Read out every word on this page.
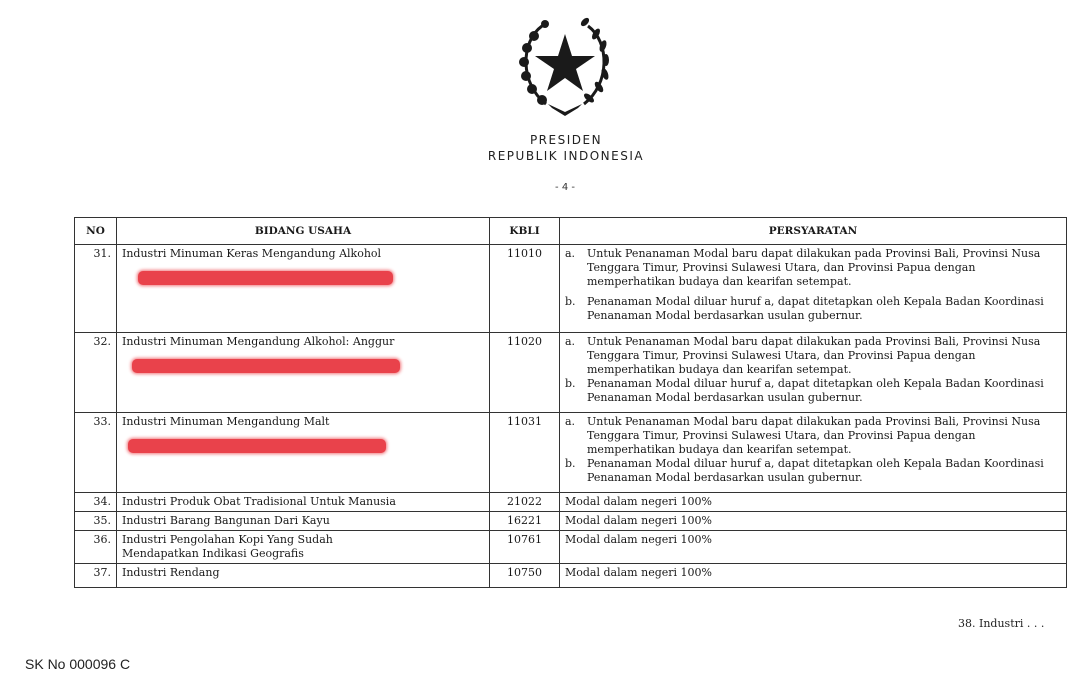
PRESIDEN
REPUBLIK INDONESIA
- 4 -
NO	BIDANG USAHA	KBLI	PERSYARATAN
31.	Industri Minuman Keras Mengandung Alkohol	11010	a. Untuk Penanaman Modal baru dapat dilakukan pada Provinsi Bali, Provinsi Nusa Tenggara Timur, Provinsi Sulawesi Utara, dan Provinsi Papua dengan memperhatikan budaya dan kearifan setempat.
b. Penanaman Modal diluar huruf a, dapat ditetapkan oleh Kepala Badan Koordinasi Penanaman Modal berdasarkan usulan gubernur.

32.	Industri Minuman Mengandung Alkohol: Anggur	11020	a. Untuk Penanaman Modal baru dapat dilakukan pada Provinsi Bali, Provinsi Nusa Tenggara Timur, Provinsi Sulawesi Utara, dan Provinsi Papua dengan memperhatikan budaya dan kearifan setempat.
b. Penanaman Modal diluar huruf a, dapat ditetapkan oleh Kepala Badan Koordinasi Penanaman Modal berdasarkan usulan gubernur.

33.	Industri Minuman Mengandung Malt	11031	a. Untuk Penanaman Modal baru dapat dilakukan pada Provinsi Bali, Provinsi Nusa Tenggara Timur, Provinsi Sulawesi Utara, dan Provinsi Papua dengan memperhatikan budaya dan kearifan setempat.
b. Penanaman Modal diluar huruf a, dapat ditetapkan oleh Kepala Badan Koordinasi Penanaman Modal berdasarkan usulan gubernur.

34.	Industri Produk Obat Tradisional Untuk Manusia	21022	Modal dalam negeri 100%
35.	Industri Barang Bangunan Dari Kayu	16221	Modal dalam negeri 100%
36.	Industri Pengolahan Kopi Yang Sudah Mendapatkan Indikasi Geografis	10761	Modal dalam negeri 100%
37.	Industri Rendang	10750	Modal dalam negeri 100%
38. Industri . . .
SK No 000096 C
